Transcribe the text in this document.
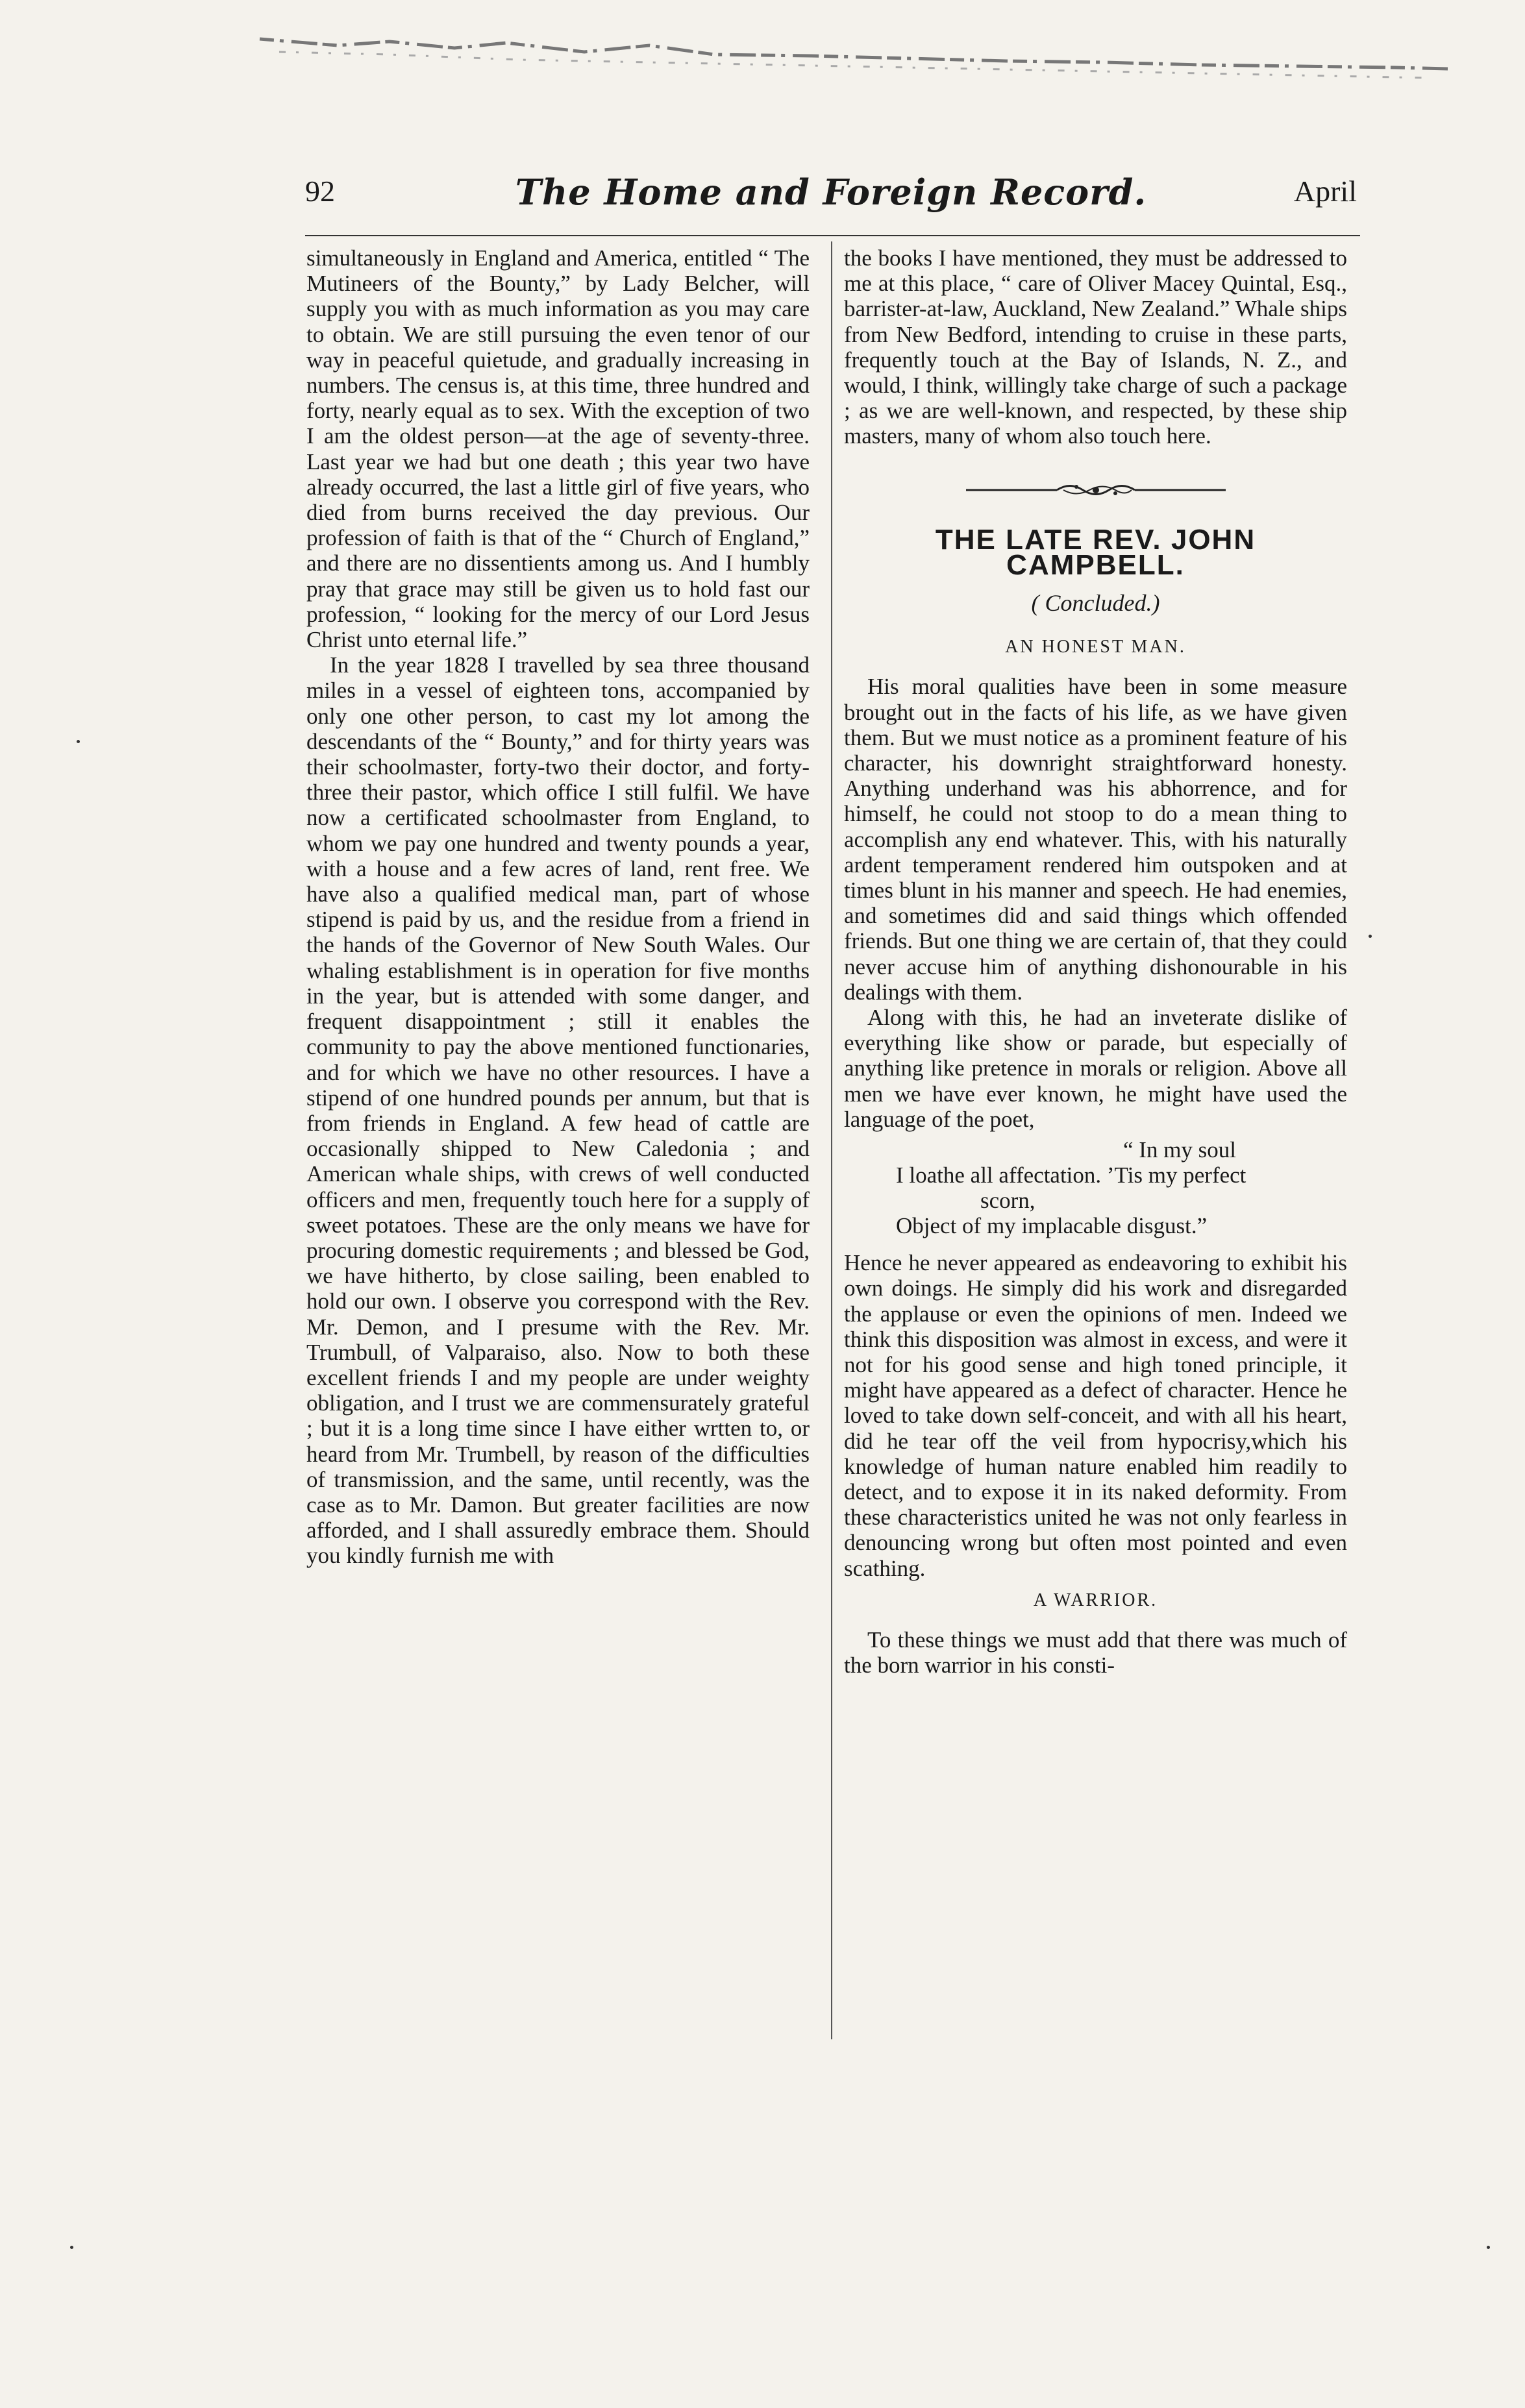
92	The Home and Foreign Record.	April

simultaneously in England and America, entitled “ The Mutineers of the Bounty,” by Lady Belcher, will supply you with as much information as you may care to obtain. We are still pursuing the even tenor of our way in peaceful quietude, and gradually increasing in numbers. The census is, at this time, three hundred and forty, nearly equal as to sex. With the exception of two I am the oldest person—at the age of seventy-three. Last year we had but one death ; this year two have already occurred, the last a little girl of five years, who died from burns received the day previous. Our profession of faith is that of the “ Church of England,” and there are no dissentients among us. And I humbly pray that grace may still be given us to hold fast our profession, “ looking for the mercy of our Lord Jesus Christ unto eternal life.”

In the year 1828 I travelled by sea three thousand miles in a vessel of eighteen tons, accompanied by only one other person, to cast my lot among the descendants of the “ Bounty,” and for thirty years was their schoolmaster, forty-two their doctor, and forty-three their pastor, which office I still fulfil. We have now a certificated schoolmaster from England, to whom we pay one hundred and twenty pounds a year, with a house and a few acres of land, rent free. We have also a qualified medical man, part of whose stipend is paid by us, and the residue from a friend in the hands of the Governor of New South Wales. Our whaling establishment is in operation for five months in the year, but is attended with some danger, and frequent disappointment ; still it enables the community to pay the above mentioned functionaries, and for which we have no other resources. I have a stipend of one hundred pounds per annum, but that is from friends in England. A few head of cattle are occasionally shipped to New Caledonia ; and American whale ships, with crews of well conducted officers and men, frequently touch here for a supply of sweet potatoes. These are the only means we have for procuring domestic requirements ; and blessed be God, we have hitherto, by close sailing, been enabled to hold our own. I observe you correspond with the Rev. Mr. Demon, and I presume with the Rev. Mr. Trumbull, of Valparaiso, also. Now to both these excellent friends I and my people are under weighty obligation, and I trust we are commensurately grateful ; but it is a long time since I have either wrtten to, or heard from Mr. Trumbell, by reason of the difficulties of transmission, and the same, until recently, was the case as to Mr. Damon. But greater facilities are now afforded, and I shall assuredly embrace them. Should you kindly furnish me with

the books I have mentioned, they must be addressed to me at this place, “ care of Oliver Macey Quintal, Esq., barrister-at-law, Auckland, New Zealand.” Whale ships from New Bedford, intending to cruise in these parts, frequently touch at the Bay of Islands, N. Z., and would, I think, willingly take charge of such a package ; as we are well-known, and respected, by these ship masters, many of whom also touch here.

THE LATE REV. JOHN CAMPBELL.
( Concluded.)
AN HONEST MAN.

His moral qualities have been in some measure brought out in the facts of his life, as we have given them. But we must notice as a prominent feature of his character, his downright straightforward honesty. Anything underhand was his abhorrence, and for himself, he could not stoop to do a mean thing to accomplish any end whatever. This, with his naturally ardent temperament rendered him outspoken and at times blunt in his manner and speech. He had enemies, and sometimes did and said things which offended friends. But one thing we are certain of, that they could never accuse him of anything dishonourable in his dealings with them.

Along with this, he had an inveterate dislike of everything like show or parade, but especially of anything like pretence in morals or religion. Above all men we have ever known, he might have used the language of the poet,

“ In my soul
I loathe all affectation. ’Tis my perfect
scorn,
Object of my implacable disgust.”

Hence he never appeared as endeavoring to exhibit his own doings. He simply did his work and disregarded the applause or even the opinions of men. Indeed we think this disposition was almost in excess, and were it not for his good sense and high toned principle, it might have appeared as a defect of character. Hence he loved to take down self-conceit, and with all his heart, did he tear off the veil from hypocrisy,which his knowledge of human nature enabled him readily to detect, and to expose it in its naked deformity. From these characteristics united he was not only fearless in denouncing wrong but often most pointed and even scathing.

A WARRIOR.

To these things we must add that there was much of the born warrior in his consti-
